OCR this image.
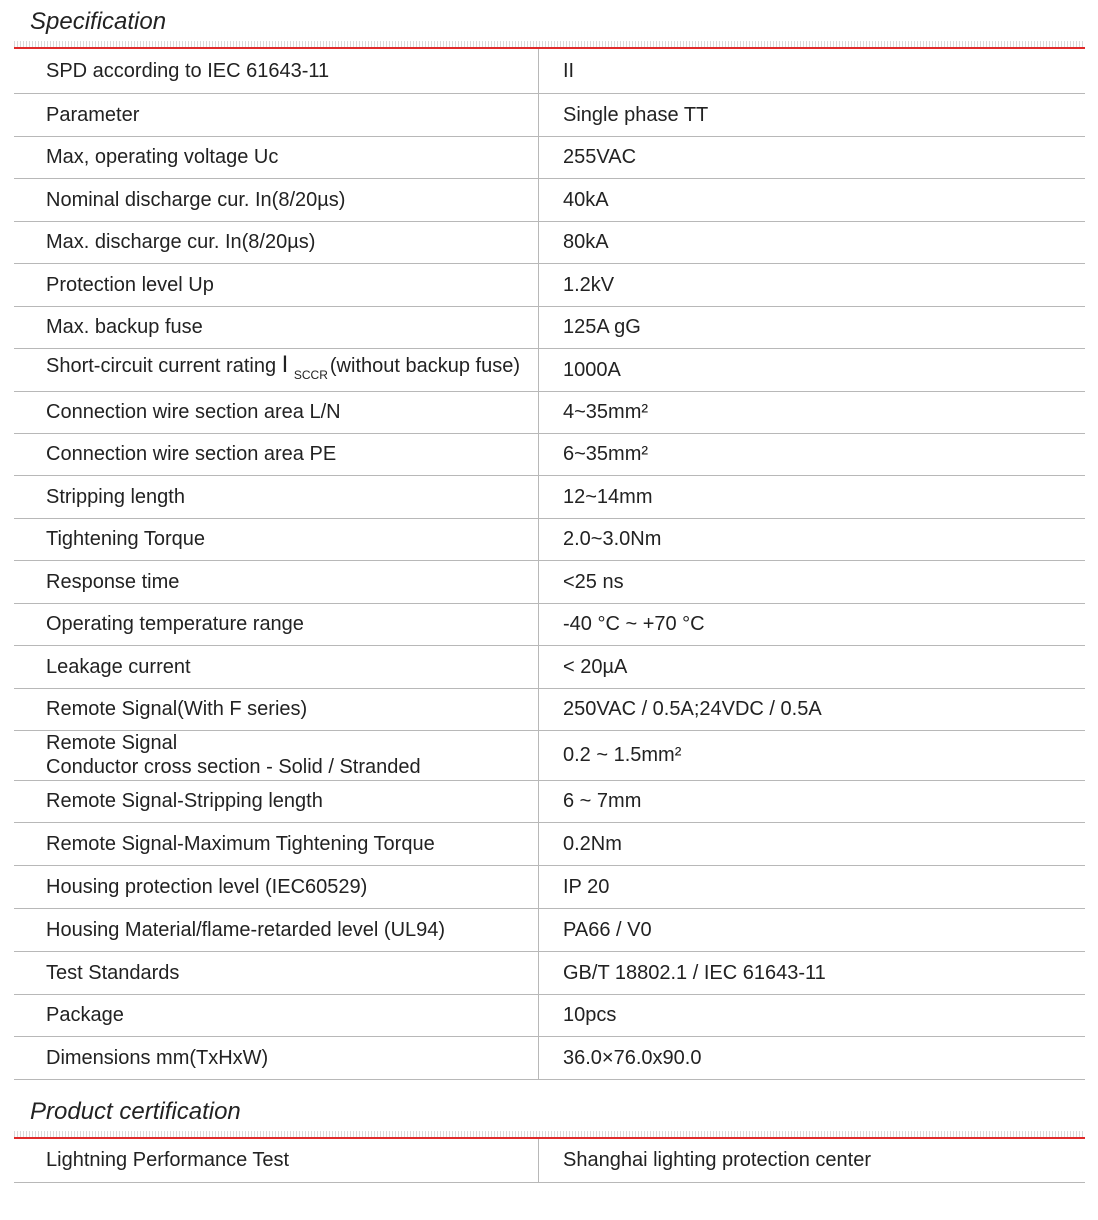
Specification
SPD according to IEC 61643-11	II
Parameter	Single phase TT
Max, operating voltage Uc	255VAC
Nominal discharge cur. In(8/20µs)	40kA
Max. discharge cur. In(8/20µs)	80kA
Protection level Up	1.2kV
Max. backup fuse	125A gG
Short-circuit current rating I $_{SCCR}$ (without backup fuse)	1000A
Connection wire section area L/N	4~35mm²
Connection wire section area PE	6~35mm²
Stripping length	12~14mm
Tightening Torque	2.0~3.0Nm
Response time	<25 ns
Operating temperature range	-40 °C ~ +70 °C
Leakage current	< 20µA
Remote Signal(With F series)	250VAC / 0.5A;24VDC / 0.5A

Remote Signal
Conductor cross section - Solid / Stranded	0.2 ~ 1.5mm²
Remote Signal-Stripping length	6 ~ 7mm
Remote Signal-Maximum Tightening Torque	0.2Nm
Housing protection level (IEC60529)	IP 20
Housing Material/flame-retarded level (UL94)	PA66 / V0
Test Standards	GB/T 18802.1 / IEC 61643-11
Package	10pcs
Dimensions mm(TxHxW)	36.0×76.0x90.0
Product certification
Lightning Performance Test	Shanghai lighting protection center
